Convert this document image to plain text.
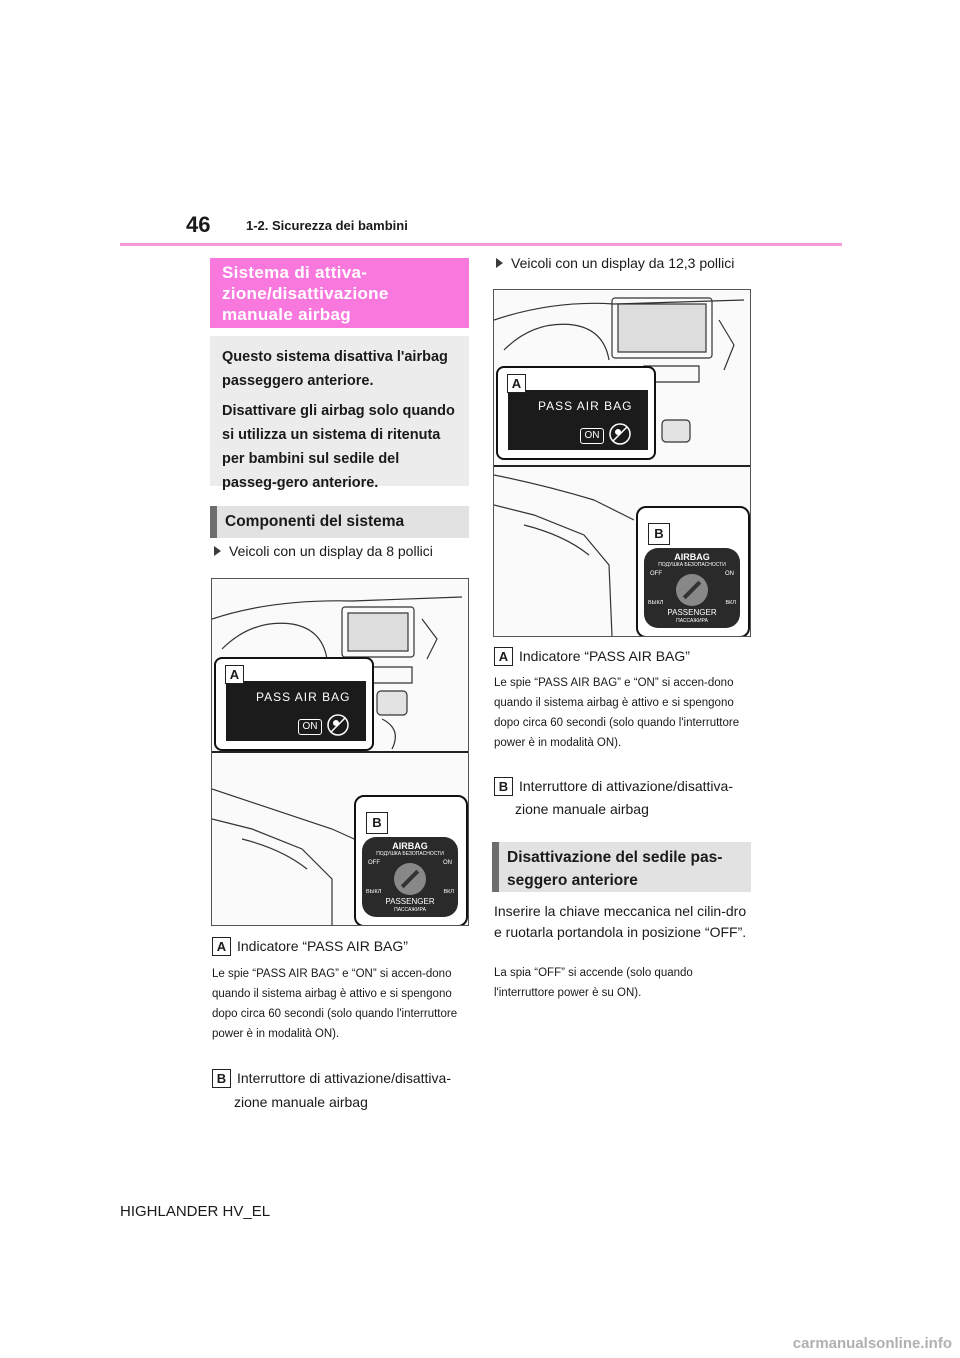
46	1-2. Sicurezza dei bambini
Sistema di attiva-zione/disattivazione manuale airbag

Questo sistema disattiva l'airbag passeggero anteriore.

Disattivare gli airbag solo quando si utilizza un sistema di ritenuta per bambini sul sedile del passeg-gero anteriore.

Componenti del sistema
Veicoli con un display da 8 pollici
PASS AIR BAG
ON
A
B
AIRBAG
ПОДУШКА БЕЗОПАСНОСТИ
OFF	ON
ВЫКЛ	ВКЛ
PASSENGER
ПАССАЖИРА
A Indicatore “PASS AIR BAG”
Le spie “PASS AIR BAG” e “ON” si accen-dono quando il sistema airbag è attivo e si spengono dopo circa 60 secondi (solo quando l'interruttore power è in modalità ON).
B Interruttore di attivazione/disattiva-
zione manuale airbag
Veicoli con un display da 12,3 pollici
PASS AIR BAG
ON
A
B
AIRBAG
ПОДУШКА БЕЗОПАСНОСТИ
OFF	ON
ВЫКЛ	ВКЛ
PASSENGER
ПАССАЖИРА
A Indicatore “PASS AIR BAG”
Le spie “PASS AIR BAG” e “ON” si accen-dono quando il sistema airbag è attivo e si spengono dopo circa 60 secondi (solo quando l'interruttore power è in modalità ON).
B Interruttore di attivazione/disattiva-
zione manuale airbag
Disattivazione del sedile pas-seggero anteriore
Inserire la chiave meccanica nel cilin-dro e ruotarla portandola in posizione “OFF”.
La spia “OFF” si accende (solo quando l'interruttore power è su ON).
HIGHLANDER HV_EL
carmanualsonline.info
